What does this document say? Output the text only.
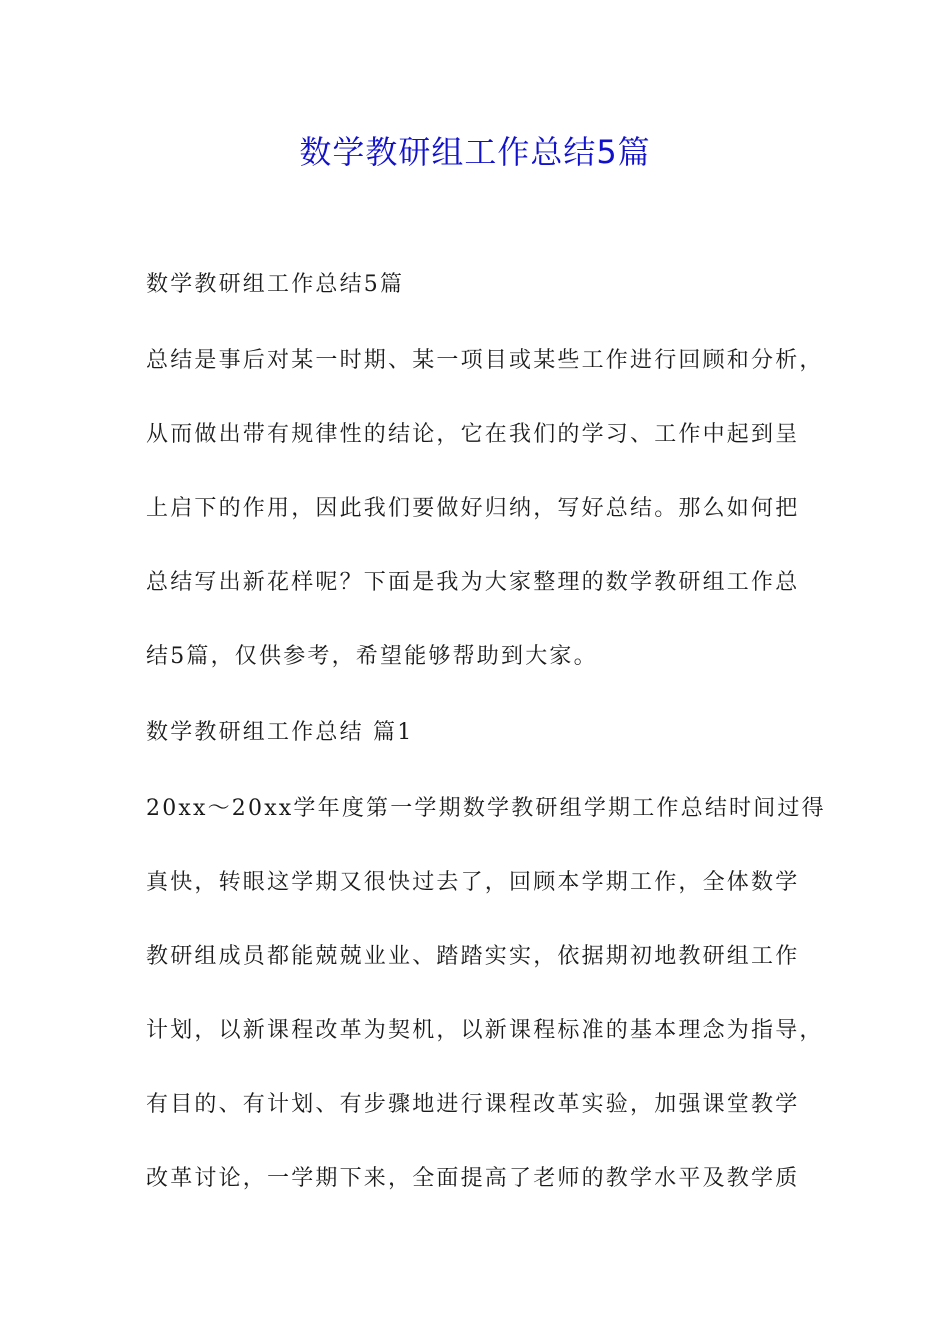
数学教研组工作总结5篇

数学教研组工作总结5篇

总结是事后对某一时期、某一项目或某些工作进行回顾和分析，

从而做出带有规律性的结论，它在我们的学习、工作中起到呈

上启下的作用，因此我们要做好归纳，写好总结。那么如何把

总结写出新花样呢？下面是我为大家整理的数学教研组工作总

结5篇，仅供参考，希望能够帮助到大家。

数学教研组工作总结 篇1

20xx～20xx学年度第一学期数学教研组学期工作总结时间过得

真快，转眼这学期又很快过去了，回顾本学期工作，全体数学

教研组成员都能兢兢业业、踏踏实实，依据期初地教研组工作

计划，以新课程改革为契机，以新课程标准的基本理念为指导，

有目的、有计划、有步骤地进行课程改革实验，加强课堂教学

改革讨论，一学期下来，全面提高了老师的教学水平及教学质
